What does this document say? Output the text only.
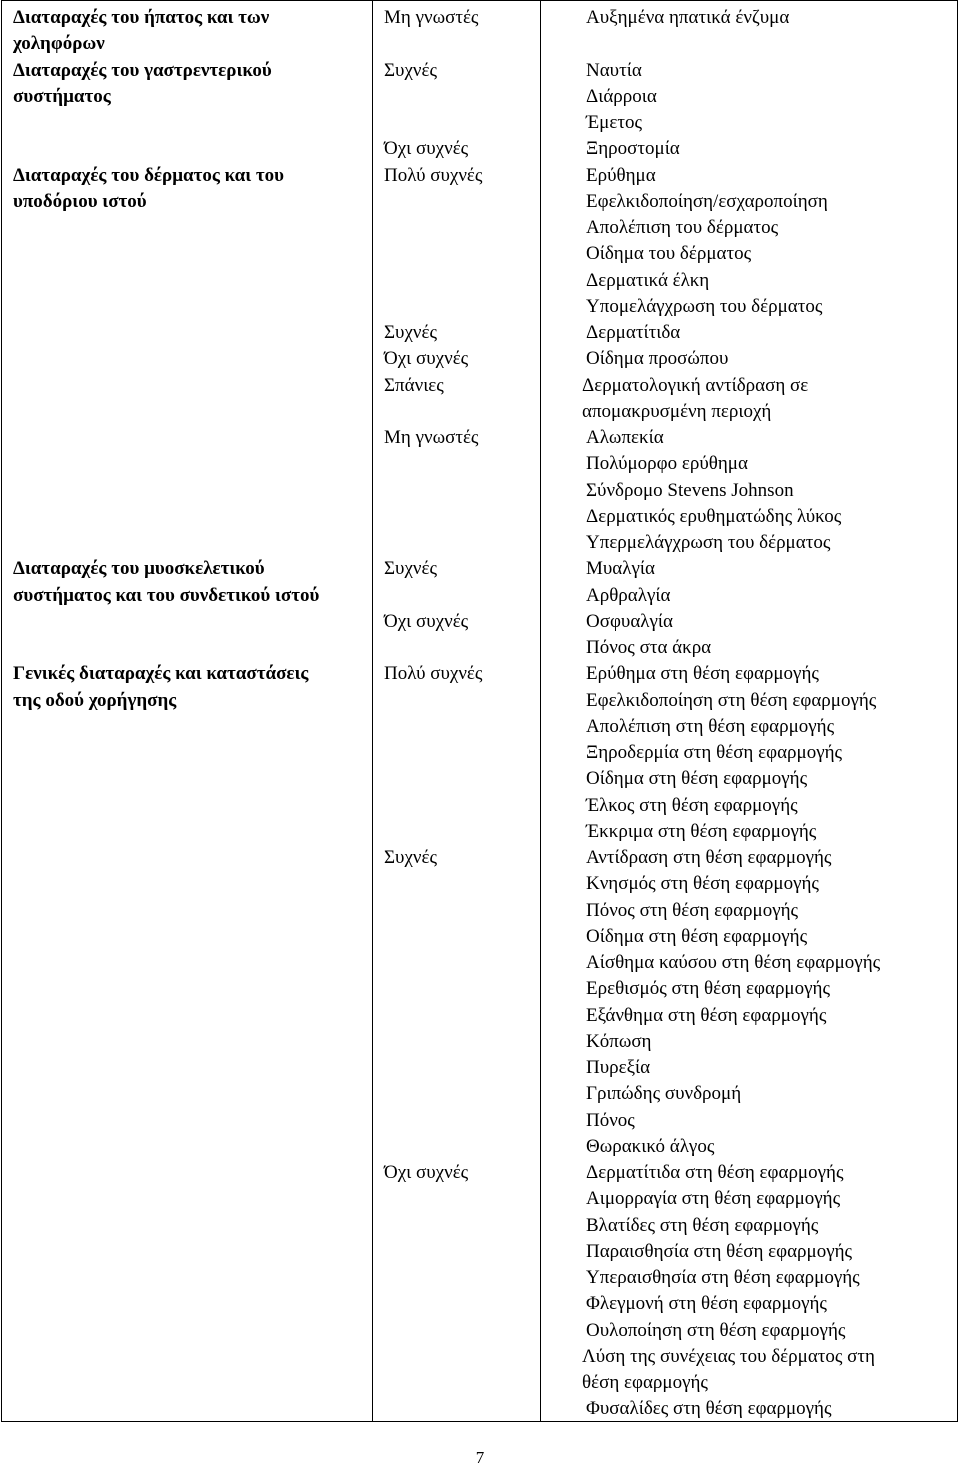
Διαταραχές του ήπατος και των
χοληφόρων
Διαταραχές του γαστρεντερικού
συστήματος
Διαταραχές του δέρματος και του
υποδόριου ιστού
Διαταραχές του μυοσκελετικού
συστήματος και του συνδετικού ιστού
Γενικές διαταραχές και καταστάσεις
της οδού χορήγησης
Μη γνωστές
Συχνές
Όχι συχνές
Πολύ συχνές
Συχνές
Όχι συχνές
Σπάνιες
Μη γνωστές
Συχνές
Όχι συχνές
Πολύ συχνές
Συχνές
Όχι συχνές
Αυξημένα ηπατικά ένζυμα
Ναυτία
Διάρροια
Έμετος
Ξηροστομία
Ερύθημα
Εφελκιδοποίηση/εσχαροποίηση
Απολέπιση του δέρματος
Οίδημα του δέρματος
Δερματικά έλκη
Υπομελάγχρωση του δέρματος
Δερματίτιδα
Οίδημα προσώπου
Δερματολογική αντίδραση σε
απομακρυσμένη περιοχή
Αλωπεκία
Πολύμορφο ερύθημα
Σύνδρομο Stevens Johnson
Δερματικός ερυθηματώδης λύκος
Υπερμελάγχρωση του δέρματος
Μυαλγία
Αρθραλγία
Οσφυαλγία
Πόνος στα άκρα
Ερύθημα στη θέση εφαρμογής
Εφελκιδοποίηση στη θέση εφαρμογής
Απολέπιση στη θέση εφαρμογής
Ξηροδερμία στη θέση εφαρμογής
Οίδημα στη θέση εφαρμογής
Έλκος στη θέση εφαρμογής
Έκκριμα στη θέση εφαρμογής
Αντίδραση στη θέση εφαρμογής
Κνησμός στη θέση εφαρμογής
Πόνος στη θέση εφαρμογής
Οίδημα στη θέση εφαρμογής
Αίσθημα καύσου στη θέση εφαρμογής
Ερεθισμός στη θέση εφαρμογής
Εξάνθημα στη θέση εφαρμογής
Κόπωση
Πυρεξία
Γριπώδης συνδρομή
Πόνος
Θωρακικό άλγος
Δερματίτιδα στη θέση εφαρμογής
Αιμορραγία στη θέση εφαρμογής
Βλατίδες στη θέση εφαρμογής
Παραισθησία στη θέση εφαρμογής
Υπεραισθησία στη θέση εφαρμογής
Φλεγμονή στη θέση εφαρμογής
Ουλοποίηση στη θέση εφαρμογής
Λύση της συνέχειας του δέρματος στη
θέση εφαρμογής
Φυσαλίδες στη θέση εφαρμογής
7
